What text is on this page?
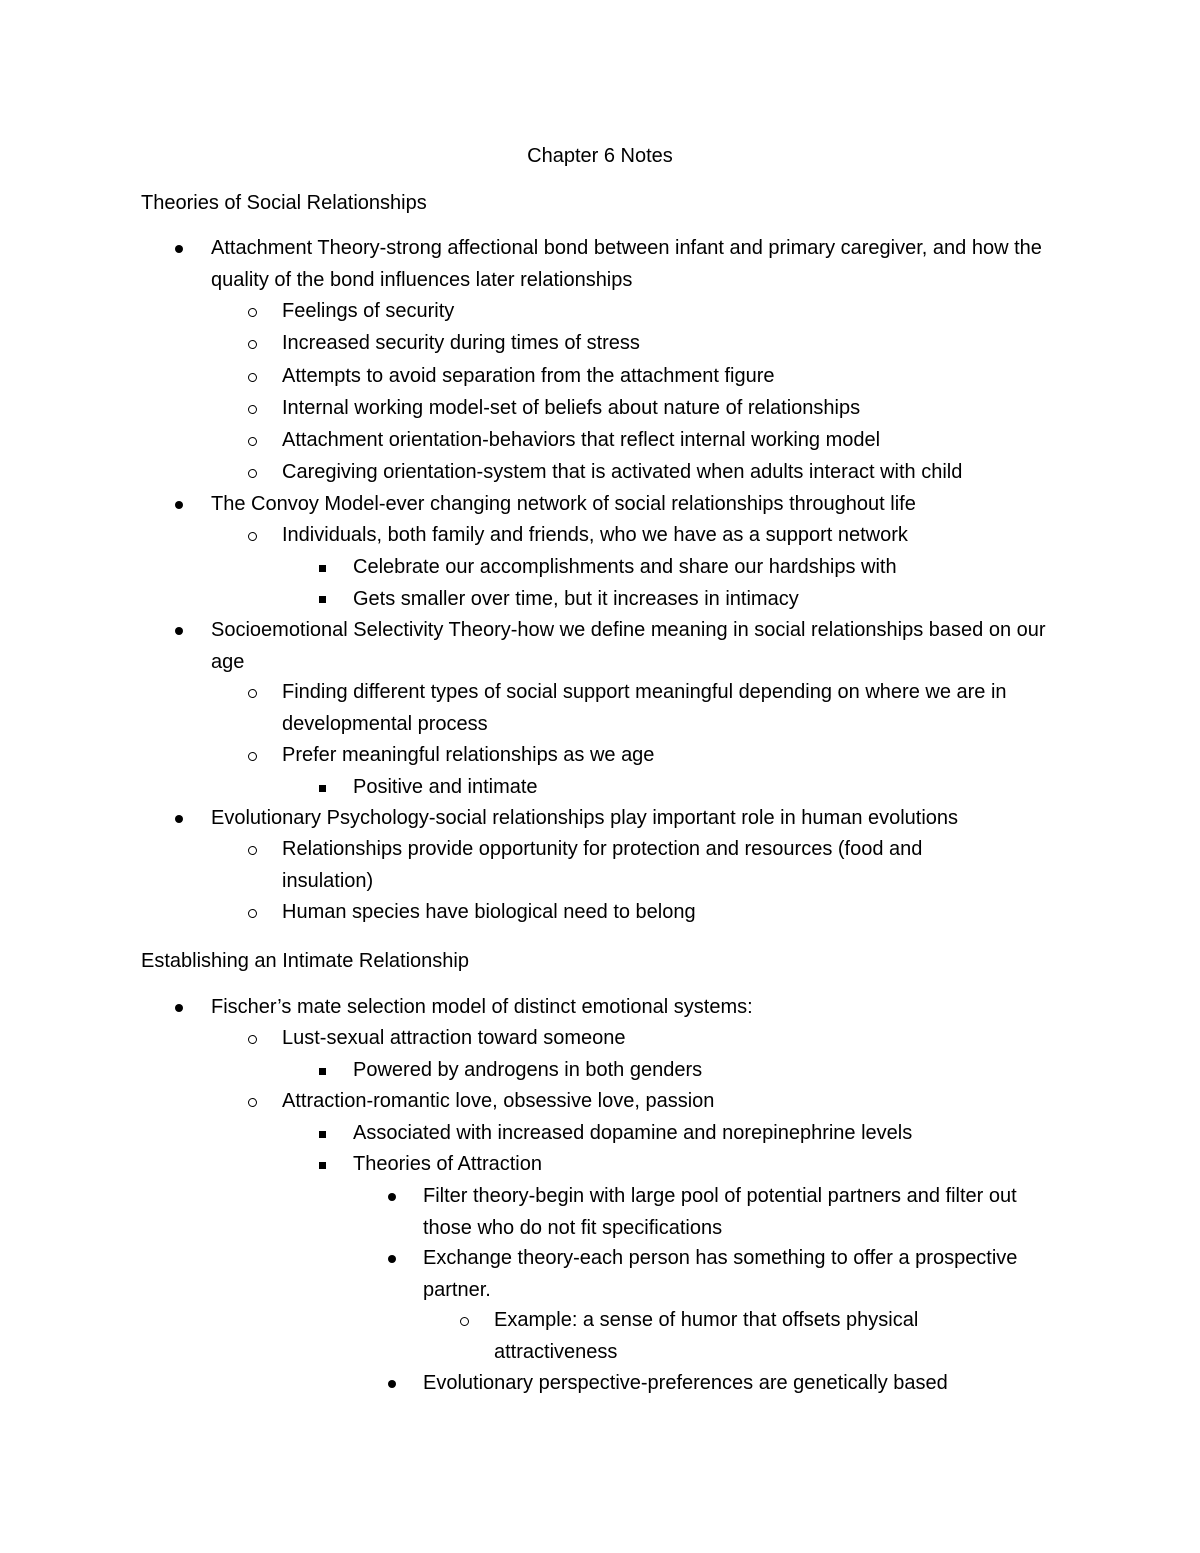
Chapter 6 Notes
Theories of Social Relationships
Attachment Theory-strong affectional bond between infant and primary caregiver, and how the quality of the bond influences later relationships
Feelings of security
Increased security during times of stress
Attempts to avoid separation from the attachment figure
Internal working model-set of beliefs about nature of relationships
Attachment orientation-behaviors that reflect internal working model
Caregiving orientation-system that is activated when adults interact with child
The Convoy Model-ever changing network of social relationships throughout life
Individuals, both family and friends, who we have as a support network
Celebrate our accomplishments and share our hardships with
Gets smaller over time, but it increases in intimacy
Socioemotional Selectivity Theory-how we define meaning in social relationships based on our age
Finding different types of social support meaningful depending on where we are in developmental process
Prefer meaningful relationships as we age
Positive and intimate
Evolutionary Psychology-social relationships play important role in human evolutions
Relationships provide opportunity for protection and resources (food and insulation)
Human species have biological need to belong
Establishing an Intimate Relationship
Fischer’s mate selection model of distinct emotional systems:
Lust-sexual attraction toward someone
Powered by androgens in both genders
Attraction-romantic love, obsessive love, passion
Associated with increased dopamine and norepinephrine levels
Theories of Attraction
Filter theory-begin with large pool of potential partners and filter out those who do not fit specifications
Exchange theory-each person has something to offer a prospective partner.
Example: a sense of humor that offsets physical attractiveness
Evolutionary perspective-preferences are genetically based
